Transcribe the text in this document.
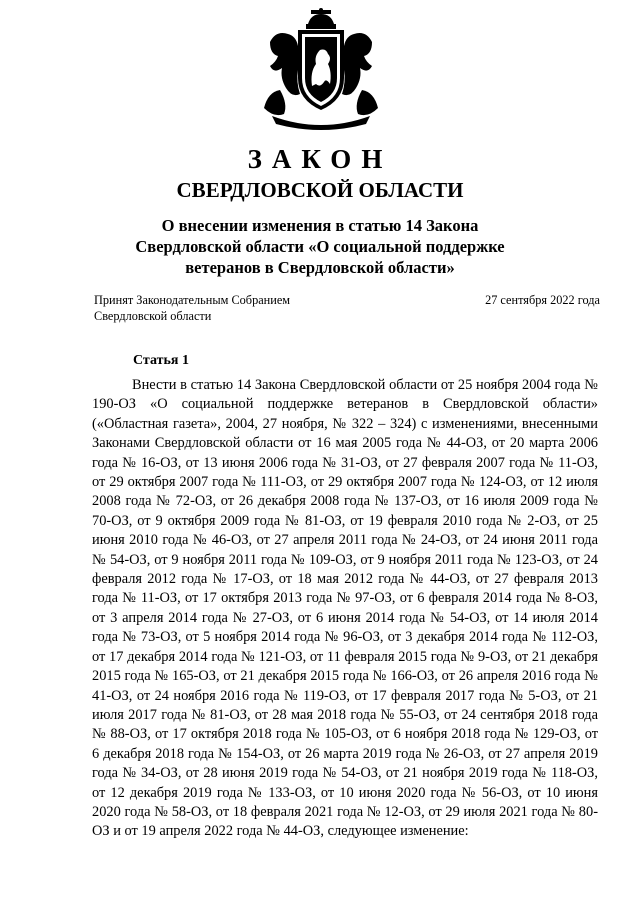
ЗАКОН
СВЕРДЛОВСКОЙ ОБЛАСТИ
О внесении изменения в статью 14 Закона
Свердловской области «О социальной поддержке
ветеранов в Свердловской области»
Принят Законодательным Собранием
Свердловской области
27 сентября 2022 года
Статья 1

Внести в статью 14 Закона Свердловской области от 25 ноября 2004 года № 190-ОЗ «О социальной поддержке ветеранов в Свердловской области» («Областная газета», 2004, 27 ноября, № 322 – 324) с изменениями, внесенными Законами Свердловской области от 16 мая 2005 года № 44-ОЗ, от 20 марта 2006 года № 16-ОЗ, от 13 июня 2006 года № 31-ОЗ, от 27 февраля 2007 года № 11-ОЗ, от 29 октября 2007 года № 111-ОЗ, от 29 октября 2007 года № 124-ОЗ, от 12 июля 2008 года № 72-ОЗ, от 26 декабря 2008 года № 137-ОЗ, от 16 июля 2009 года № 70-ОЗ, от 9 октября 2009 года № 81-ОЗ, от 19 февраля 2010 года № 2-ОЗ, от 25 июня 2010 года № 46-ОЗ, от 27 апреля 2011 года № 24-ОЗ, от 24 июня 2011 года № 54-ОЗ, от 9 ноября 2011 года № 109-ОЗ, от 9 ноября 2011 года № 123-ОЗ, от 24 февраля 2012 года № 17-ОЗ, от 18 мая 2012 года № 44-ОЗ, от 27 февраля 2013 года № 11-ОЗ, от 17 октября 2013 года № 97-ОЗ, от 6 февраля 2014 года № 8-ОЗ, от 3 апреля 2014 года № 27-ОЗ, от 6 июня 2014 года № 54-ОЗ, от 14 июля 2014 года № 73-ОЗ, от 5 ноября 2014 года № 96-ОЗ, от 3 декабря 2014 года № 112-ОЗ, от 17 декабря 2014 года № 121-ОЗ, от 11 февраля 2015 года № 9-ОЗ, от 21 декабря 2015 года № 165-ОЗ, от 21 декабря 2015 года № 166-ОЗ, от 26 апреля 2016 года № 41-ОЗ, от 24 ноября 2016 года № 119-ОЗ, от 17 февраля 2017 года № 5-ОЗ, от 21 июля 2017 года № 81-ОЗ, от 28 мая 2018 года № 55-ОЗ, от 24 сентября 2018 года № 88-ОЗ, от 17 октября 2018 года № 105-ОЗ, от 6 ноября 2018 года № 129-ОЗ, от 6 декабря 2018 года № 154-ОЗ, от 26 марта 2019 года № 26-ОЗ, от 27 апреля 2019 года № 34-ОЗ, от 28 июня 2019 года № 54-ОЗ, от 21 ноября 2019 года № 118-ОЗ, от 12 декабря 2019 года № 133-ОЗ, от 10 июня 2020 года № 56-ОЗ, от 10 июня 2020 года № 58-ОЗ, от 18 февраля 2021 года № 12-ОЗ, от 29 июля 2021 года № 80-ОЗ и от 19 апреля 2022 года № 44-ОЗ, следующее изменение:
